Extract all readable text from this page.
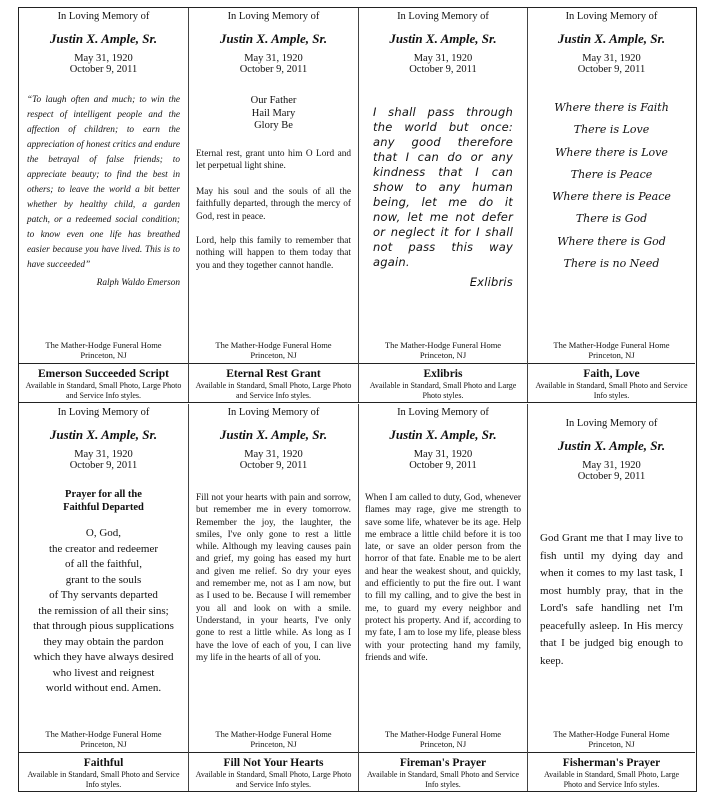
In Loving Memory of
Justin X. Ample, Sr.
May 31, 1920
October 9, 2011
“To laugh often and much; to win the respect of intelligent people and the affection of children; to earn the appreciation of honest critics and endure the betrayal of false friends; to appreciate beauty; to find the best in others; to leave the world a bit better whether by healthy child, a garden patch, or a redeemed social condition; to know even one life has breathed easier because you have lived. This is to have succeeded”
Ralph Waldo Emerson
The Mather-Hodge Funeral Home
Princeton, NJ
Emerson Succeeded Script
Available in Standard, Small Photo, Large Photo and Service Info styles.
In Loving Memory of
Justin X. Ample, Sr.
May 31, 1920
October 9, 2011
Our Father
Hail Mary
Glory Be
Eternal rest, grant unto him O Lord and let perpetual light shine.
May his soul and the souls of all the faithfully departed, through the mercy of God, rest in peace.
Lord, help this family to remember that nothing will happen to them today that you and they together cannot handle.
The Mather-Hodge Funeral Home
Princeton, NJ
Eternal Rest Grant
Available in Standard, Small Photo, Large Photo and Service Info styles.
In Loving Memory of
Justin X. Ample, Sr.
May 31, 1920
October 9, 2011
I shall pass through the world but once: any good therefore that I can do or any kindness that I can show to any human being, let me do it now, let me not defer or neglect it for I shall not pass this way again.
Exlibris
The Mather-Hodge Funeral Home
Princeton, NJ
Exlibris
Available in Standard, Small Photo and Large Photo styles.
In Loving Memory of
Justin X. Ample, Sr.
May 31, 1920
October 9, 2011
Where there is Faith
There is Love
Where there is Love
There is Peace
Where there is Peace
There is God
Where there is God
There is no Need
The Mather-Hodge Funeral Home
Princeton, NJ
Faith, Love
Available in Standard, Small Photo and Service Info styles.
In Loving Memory of
Justin X. Ample, Sr.
May 31, 1920
October 9, 2011
Prayer for all the
Faithful Departed
O, God,
the creator and redeemer
of all the faithful,
grant to the souls
of Thy servants departed
the remission of all their sins;
that through pious supplications
they may obtain the pardon
which they have always desired
who livest and reignest
world without end. Amen.
The Mather-Hodge Funeral Home
Princeton, NJ
Faithful
Available in Standard, Small Photo and Service Info styles.
In Loving Memory of
Justin X. Ample, Sr.
May 31, 1920
October 9, 2011
Fill not your hearts with pain and sorrow, but remember me in every tomorrow. Remember the joy, the laughter, the smiles, I've only gone to rest a little while. Although my leaving causes pain and grief, my going has eased my hurt and given me relief. So dry your eyes and remember me, not as I am now, but as I used to be. Because I will remember you all and look on with a smile. Understand, in your hearts, I've only gone to rest a little while. As long as I have the love of each of you, I can live my life in the hearts of all of you.
The Mather-Hodge Funeral Home
Princeton, NJ
Fill Not Your Hearts
Available in Standard, Small Photo, Large Photo and Service Info styles.
In Loving Memory of
Justin X. Ample, Sr.
May 31, 1920
October 9, 2011
When I am called to duty, God, whenever flames may rage, give me strength to save some life, whatever be its age. Help me embrace a little child before it is too late, or save an older person from the horror of that fate. Enable me to be alert and hear the weakest shout, and quickly, and efficiently to put the fire out. I want to fill my calling, and to give the best in me, to guard my every neighbor and protect his property. And if, according to my fate, I am to lose my life, please bless with your protecting hand my family, friends and wife.
The Mather-Hodge Funeral Home
Princeton, NJ
Fireman's Prayer
Available in Standard, Small Photo and Service Info styles.
In Loving Memory of
Justin X. Ample, Sr.
May 31, 1920
October 9, 2011
God Grant me that I may live to fish until my dying day and when it comes to my last task, I most humbly pray, that in the Lord's safe handling net I'm peacefully asleep. In His mercy that I be judged big enough to keep.
The Mather-Hodge Funeral Home
Princeton, NJ
Fisherman's Prayer
Available in Standard, Small Photo, Large Photo and Service Info styles.
